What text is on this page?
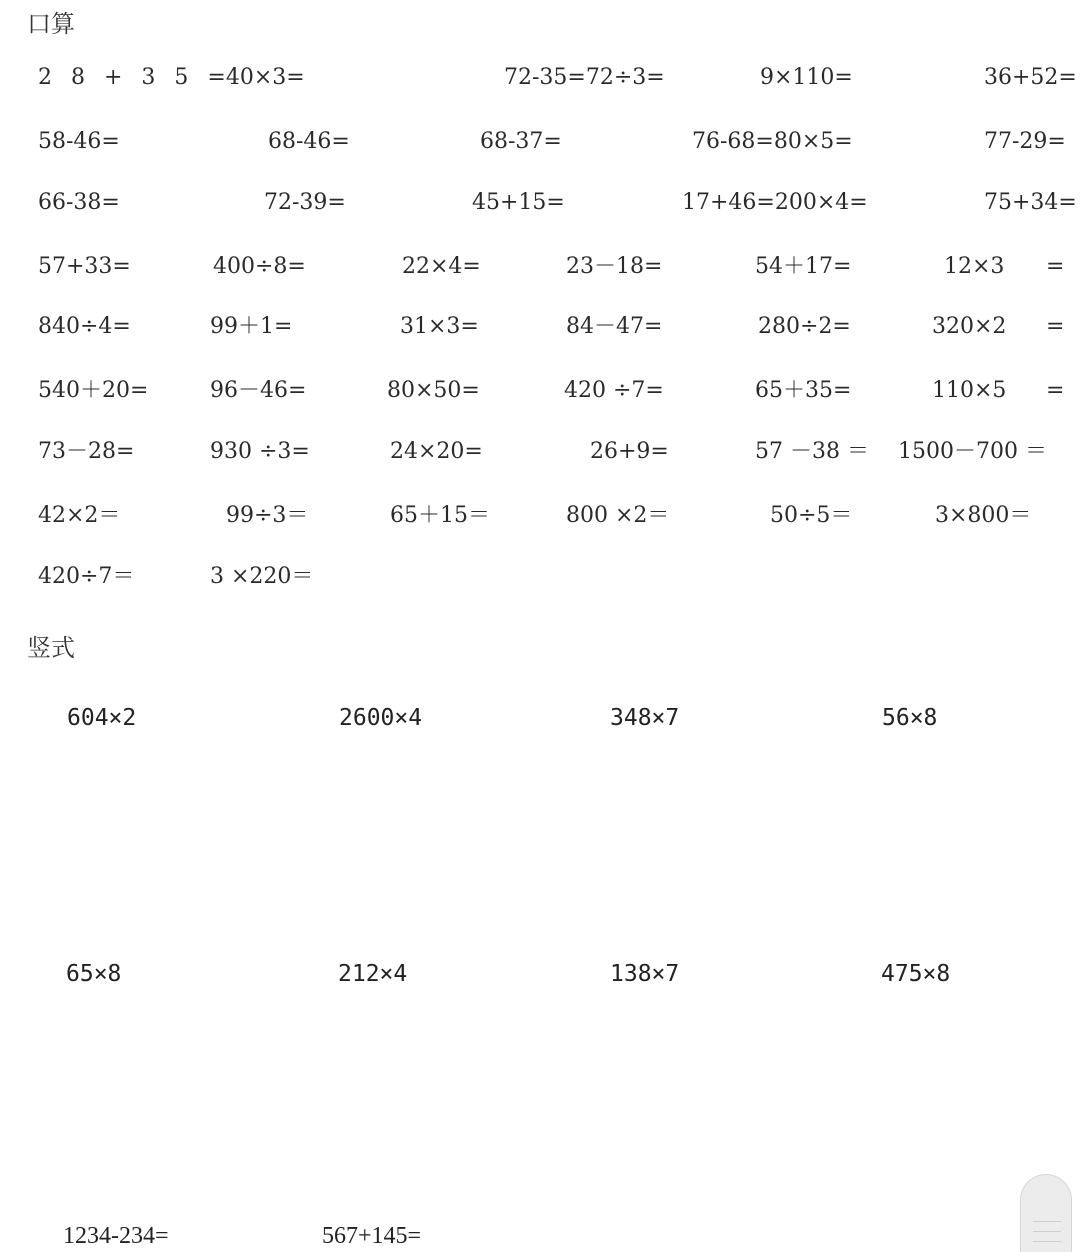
口算
2 8 + 3 5 =40×3=	72-35=72÷3=	9×110=	36+52=
58-46=	68-46=	68-37=	76-68=80×5=	77-29=
66-38=	72-39=	45+15=	17+46=200×4=	75+34=
57+33=	400÷8=	22×4=	23－18=	54＋17=	12×3 =
840÷4=	99＋1=	31×3=	84－47=	280÷2=	320×2 =
540＋20=	96－46=	80×50=	420 ÷7=	65＋35=	110×5 =
73－28=	930 ÷3=	24×20=	26+9=	57 －38 ＝ 1500－700 ＝
42×2＝	99÷3＝	65＋15＝	800 ×2＝	50÷5＝	3×800＝
420÷7＝	3 ×220＝
竖式
604×2	2600×4	348×7	56×8
65×8	212×4	138×7	475×8
1234-234=	567+145=
